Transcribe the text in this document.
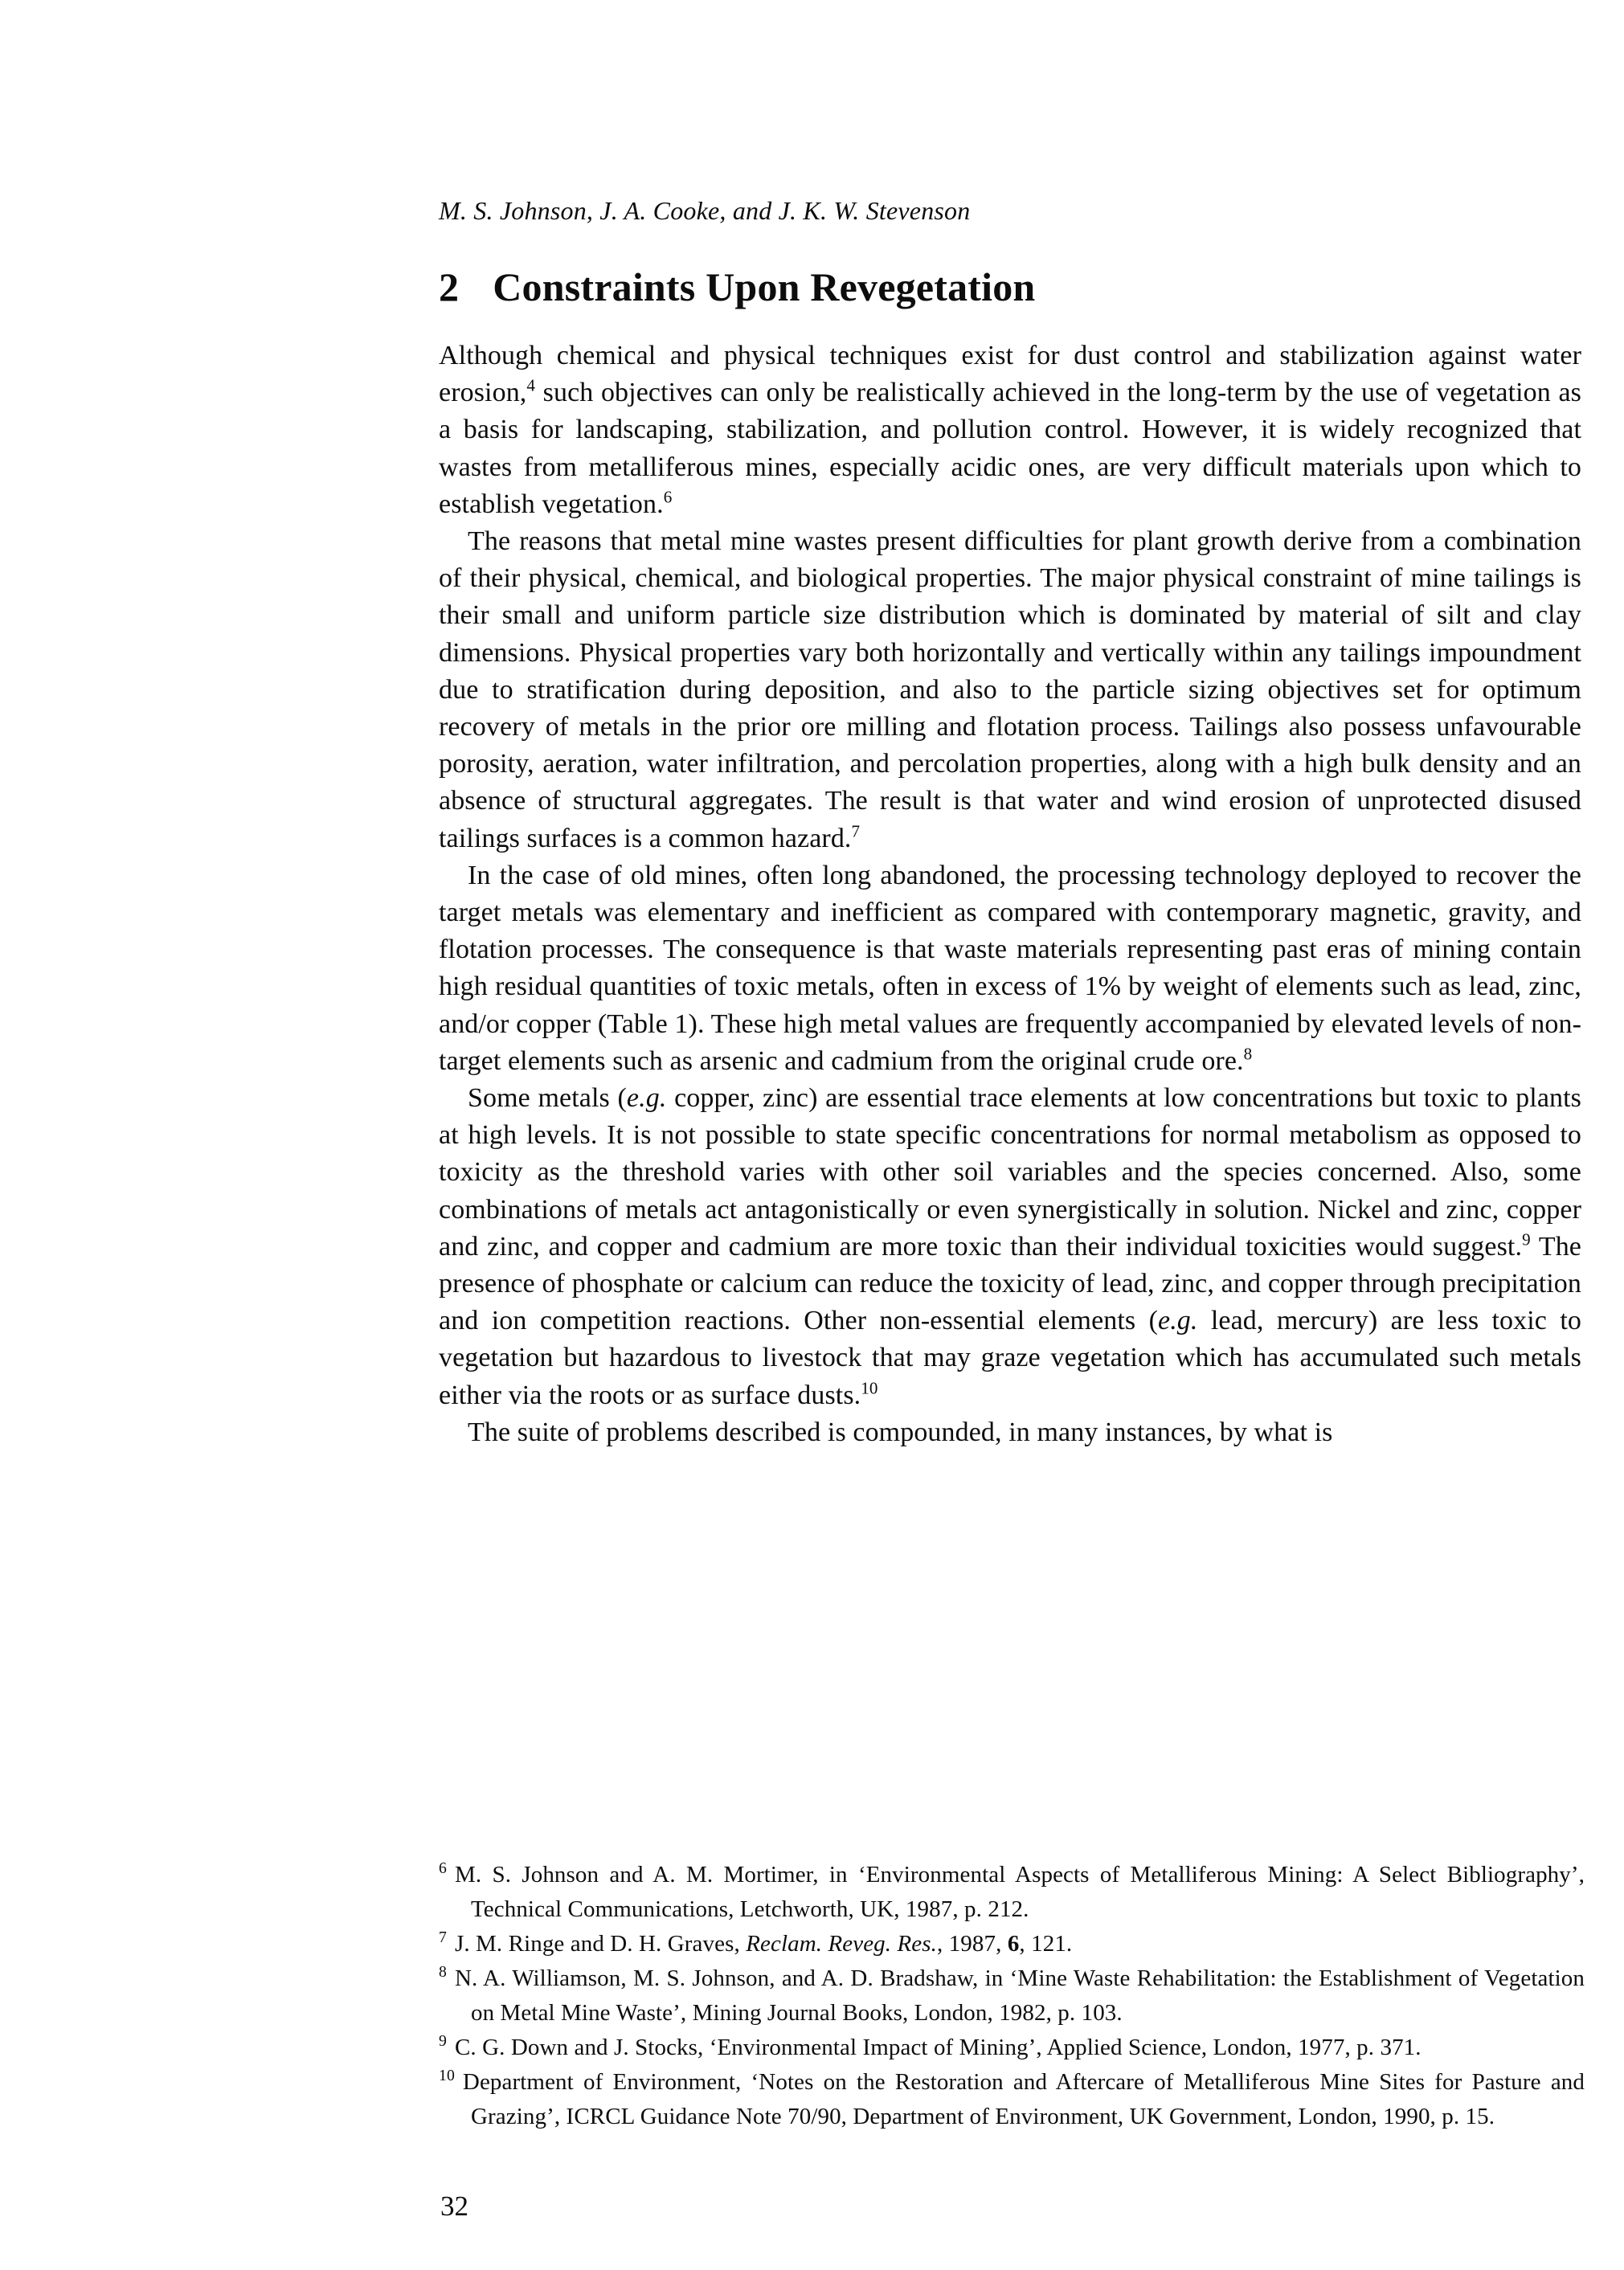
M. S. Johnson, J. A. Cooke, and J. K. W. Stevenson
2 Constraints Upon Revegetation

Although chemical and physical techniques exist for dust control and stabilization against water erosion,$^4$ such objectives can only be realistically achieved in the long-term by the use of vegetation as a basis for landscaping, stabilization, and pollution control. However, it is widely recognized that wastes from metalliferous mines, especially acidic ones, are very difficult materials upon which to establish vegetation.$^6$

The reasons that metal mine wastes present difficulties for plant growth derive from a combination of their physical, chemical, and biological properties. The major physical constraint of mine tailings is their small and uniform particle size distribution which is dominated by material of silt and clay dimensions. Physical properties vary both horizontally and vertically within any tailings impoundment due to stratification during deposition, and also to the particle sizing objectives set for optimum recovery of metals in the prior ore milling and flotation process. Tailings also possess unfavourable porosity, aeration, water infiltration, and percolation properties, along with a high bulk density and an absence of structural aggregates. The result is that water and wind erosion of unprotected disused tailings surfaces is a common hazard.$^7$

In the case of old mines, often long abandoned, the processing technology deployed to recover the target metals was elementary and inefficient as compared with contemporary magnetic, gravity, and flotation processes. The consequence is that waste materials representing past eras of mining contain high residual quantities of toxic metals, often in excess of 1% by weight of elements such as lead, zinc, and/or copper (Table 1). These high metal values are frequently accompanied by elevated levels of non-target elements such as arsenic and cadmium from the original crude ore.$^8$

Some metals (e.g. copper, zinc) are essential trace elements at low concentrations but toxic to plants at high levels. It is not possible to state specific concentrations for normal metabolism as opposed to toxicity as the threshold varies with other soil variables and the species concerned. Also, some combinations of metals act antagonistically or even synergistically in solution. Nickel and zinc, copper and zinc, and copper and cadmium are more toxic than their individual toxicities would suggest.$^9$ The presence of phosphate or calcium can reduce the toxicity of lead, zinc, and copper through precipitation and ion competition reactions. Other non-essential elements (e.g. lead, mercury) are less toxic to vegetation but hazardous to livestock that may graze vegetation which has accumulated such metals either via the roots or as surface dusts.$^{10}$

The suite of problems described is compounded, in many instances, by what is

$^6$ M. S. Johnson and A. M. Mortimer, in ‘Environmental Aspects of Metalliferous Mining: A Select Bibliography’, Technical Communications, Letchworth, UK, 1987, p. 212.
$^7$ J. M. Ringe and D. H. Graves, Reclam. Reveg. Res., 1987, 6, 121.
$^8$ N. A. Williamson, M. S. Johnson, and A. D. Bradshaw, in ‘Mine Waste Rehabilitation: the Establishment of Vegetation on Metal Mine Waste’, Mining Journal Books, London, 1982, p. 103.
$^9$ C. G. Down and J. Stocks, ‘Environmental Impact of Mining’, Applied Science, London, 1977, p. 371.
$^{10}$ Department of Environment, ‘Notes on the Restoration and Aftercare of Metalliferous Mine Sites for Pasture and Grazing’, ICRCL Guidance Note 70/90, Department of Environment, UK Government, London, 1990, p. 15.
32
